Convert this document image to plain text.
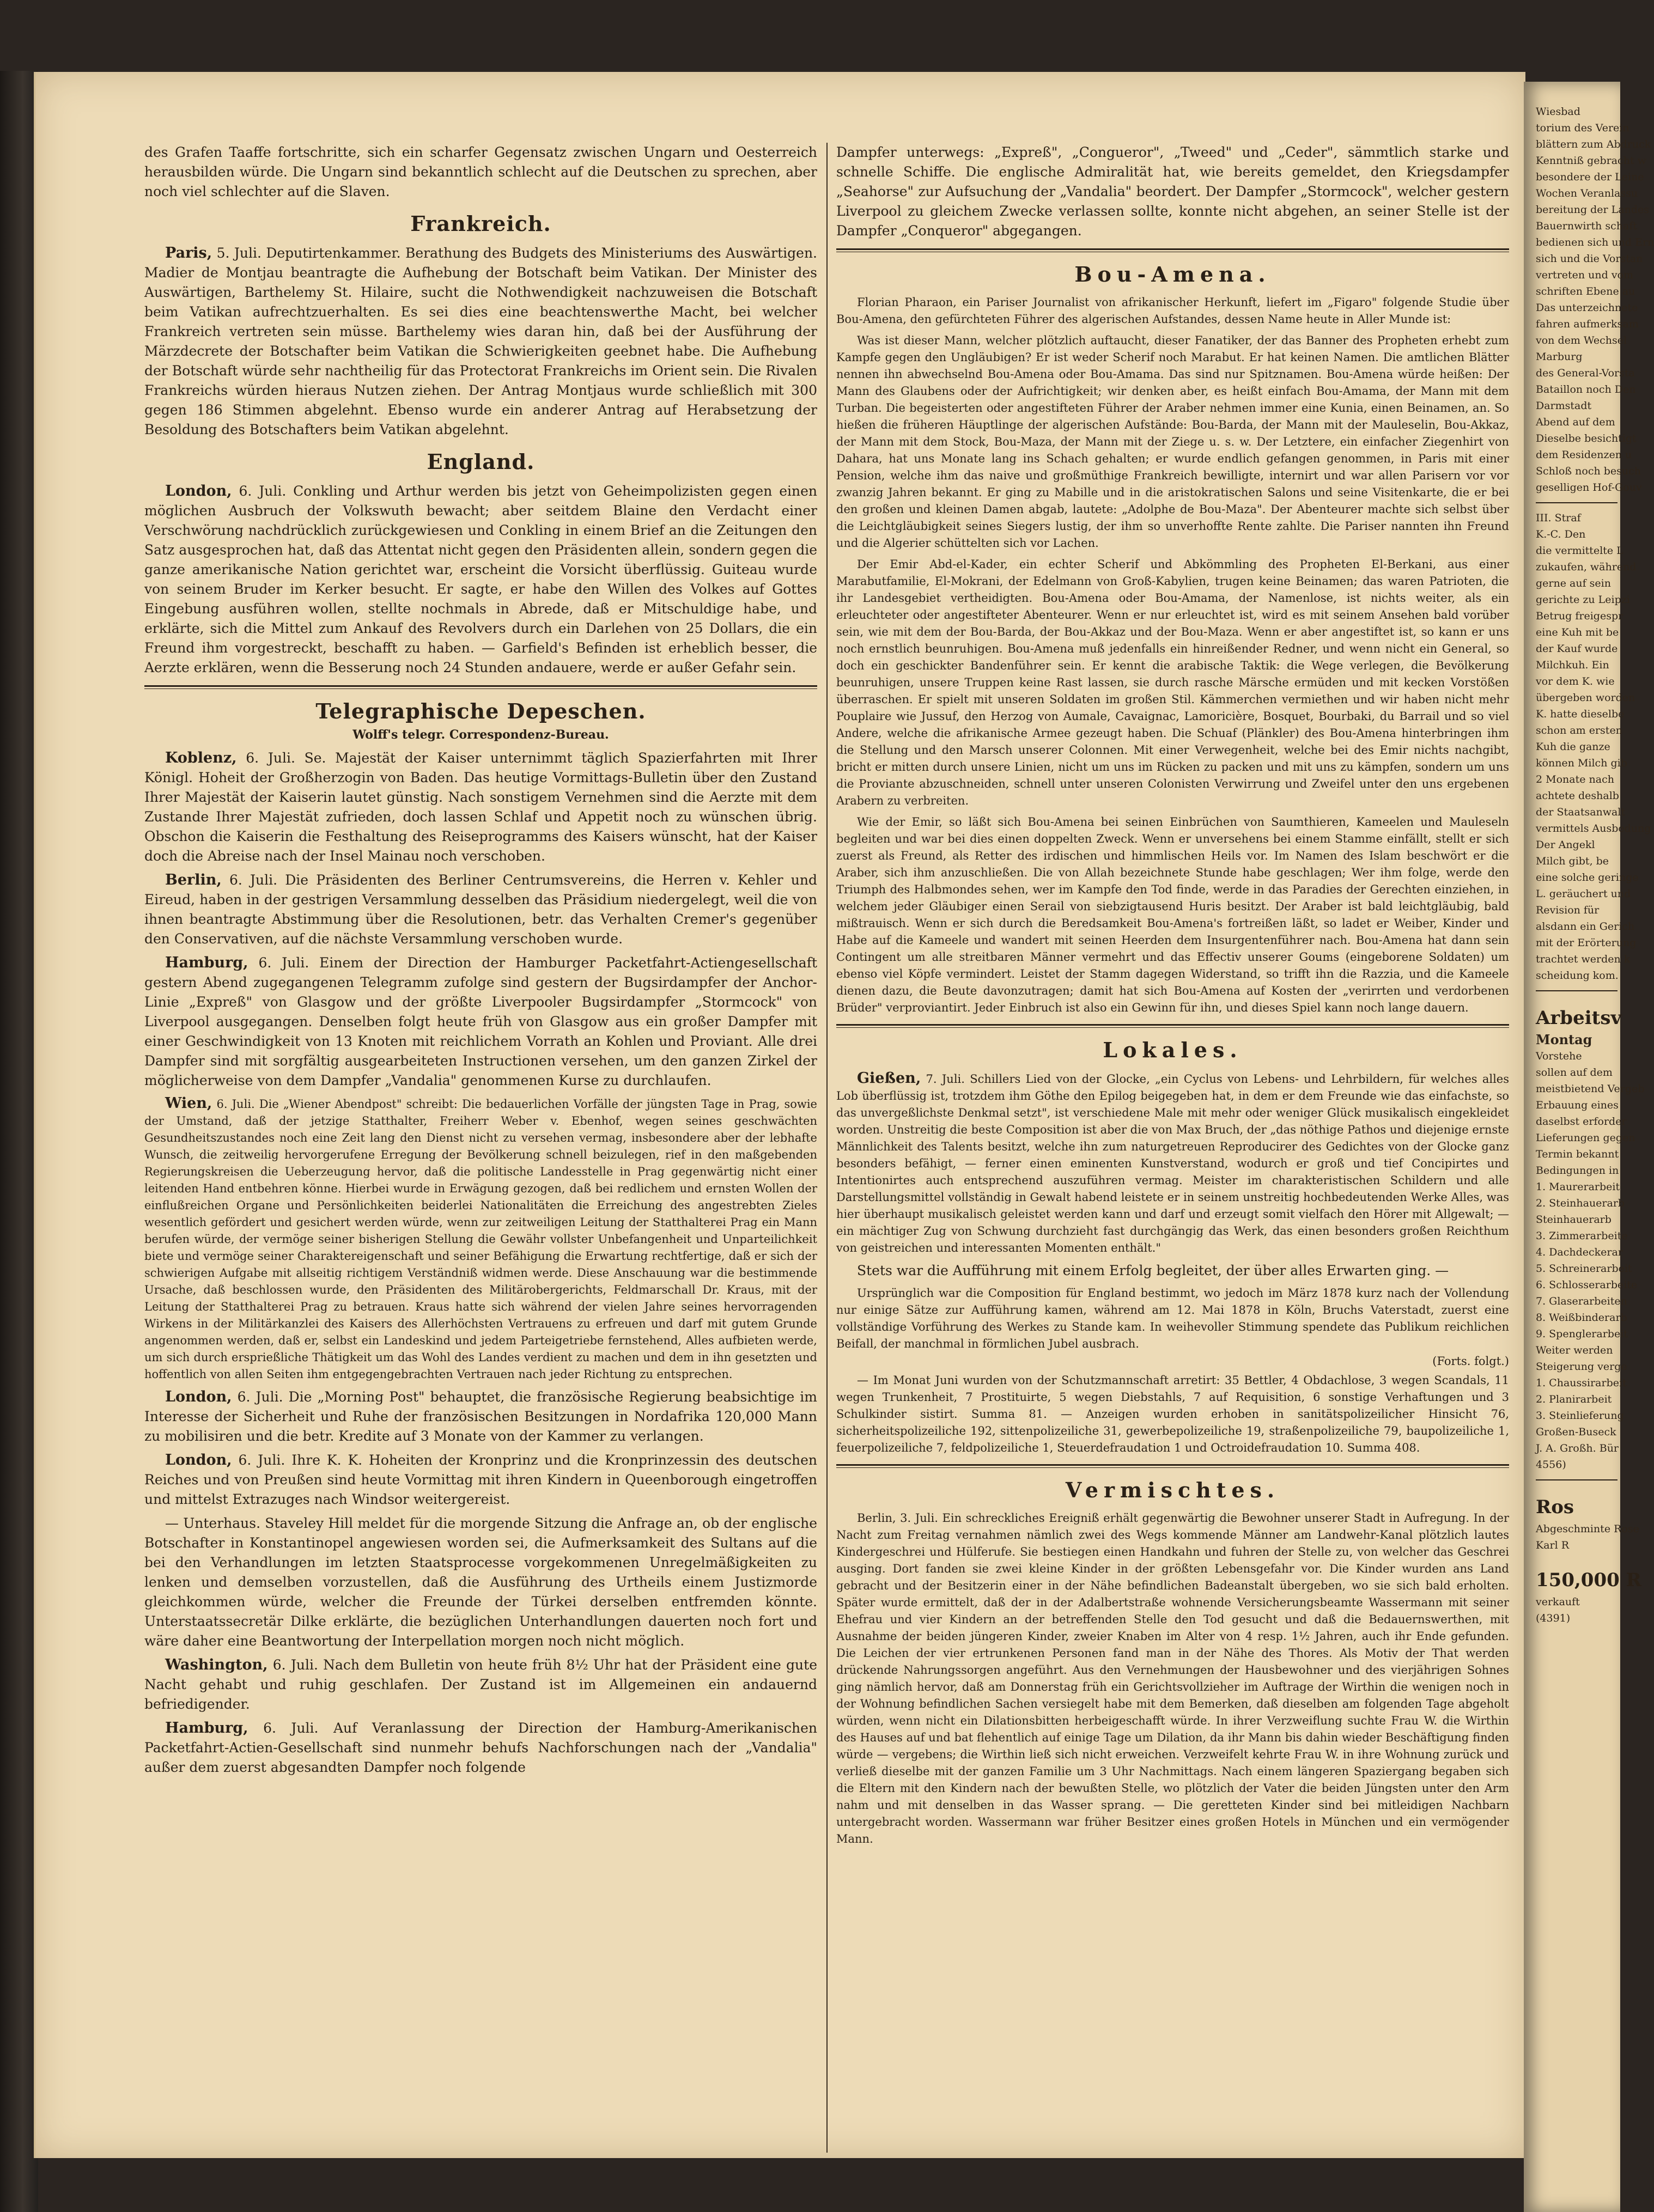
des Grafen Taaffe fortschritte, sich ein scharfer Gegensatz zwischen Ungarn und Oesterreich herausbilden würde. Die Ungarn sind bekanntlich schlecht auf die Deutschen zu sprechen, aber noch viel schlechter auf die Slaven.

Frankreich.

Paris, 5. Juli. Deputirtenkammer. Berathung des Budgets des Ministeriums des Auswärtigen. Madier de Montjau beantragte die Aufhebung der Botschaft beim Vatikan. Der Minister des Auswärtigen, Barthelemy St. Hilaire, sucht die Nothwendigkeit nachzuweisen die Botschaft beim Vatikan aufrechtzuerhalten. Es sei dies eine beachtenswerthe Macht, bei welcher Frankreich vertreten sein müsse. Barthelemy wies daran hin, daß bei der Ausführung der Märzdecrete der Botschafter beim Vatikan die Schwierigkeiten geebnet habe. Die Aufhebung der Botschaft würde sehr nachtheilig für das Protectorat Frankreichs im Orient sein. Die Rivalen Frankreichs würden hieraus Nutzen ziehen. Der Antrag Montjaus wurde schließlich mit 300 gegen 186 Stimmen abgelehnt. Ebenso wurde ein anderer Antrag auf Herabsetzung der Besoldung des Botschafters beim Vatikan abgelehnt.

England.

London, 6. Juli. Conkling und Arthur werden bis jetzt von Geheimpolizisten gegen einen möglichen Ausbruch der Volkswuth bewacht; aber seitdem Blaine den Verdacht einer Verschwörung nachdrücklich zurückgewiesen und Conkling in einem Brief an die Zeitungen den Satz ausgesprochen hat, daß das Attentat nicht gegen den Präsidenten allein, sondern gegen die ganze amerikanische Nation gerichtet war, erscheint die Vorsicht überflüssig. Guiteau wurde von seinem Bruder im Kerker besucht. Er sagte, er habe den Willen des Volkes auf Gottes Eingebung ausführen wollen, stellte nochmals in Abrede, daß er Mitschuldige habe, und erklärte, sich die Mittel zum Ankauf des Revolvers durch ein Darlehen von 25 Dollars, die ein Freund ihm vorgestreckt, beschafft zu haben. — Garfield's Befinden ist erheblich besser, die Aerzte erklären, wenn die Besserung noch 24 Stunden andauere, werde er außer Gefahr sein.

Telegraphische Depeschen.
Wolff's telegr. Correspondenz-Bureau.

Koblenz, 6. Juli. Se. Majestät der Kaiser unternimmt täglich Spazierfahrten mit Ihrer Königl. Hoheit der Großherzogin von Baden. Das heutige Vormittags-Bulletin über den Zustand Ihrer Majestät der Kaiserin lautet günstig. Nach sonstigem Vernehmen sind die Aerzte mit dem Zustande Ihrer Majestät zufrieden, doch lassen Schlaf und Appetit noch zu wünschen übrig. Obschon die Kaiserin die Festhaltung des Reiseprogramms des Kaisers wünscht, hat der Kaiser doch die Abreise nach der Insel Mainau noch verschoben.

Berlin, 6. Juli. Die Präsidenten des Berliner Centrumsvereins, die Herren v. Kehler und Eireud, haben in der gestrigen Versammlung desselben das Präsidium niedergelegt, weil die von ihnen beantragte Abstimmung über die Resolutionen, betr. das Verhalten Cremer's gegenüber den Conservativen, auf die nächste Versammlung verschoben wurde.

Hamburg, 6. Juli. Einem der Direction der Hamburger Packetfahrt-Actiengesellschaft gestern Abend zugegangenen Telegramm zufolge sind gestern der Bugsirdampfer der Anchor-Linie „Expreß" von Glasgow und der größte Liverpooler Bugsirdampfer „Stormcock" von Liverpool ausgegangen. Denselben folgt heute früh von Glasgow aus ein großer Dampfer mit einer Geschwindigkeit von 13 Knoten mit reichlichem Vorrath an Kohlen und Proviant. Alle drei Dampfer sind mit sorgfältig ausgearbeiteten Instructionen versehen, um den ganzen Zirkel der möglicherweise von dem Dampfer „Vandalia" genommenen Kurse zu durchlaufen.

Wien, 6. Juli. Die „Wiener Abendpost" schreibt: Die bedauerlichen Vorfälle der jüngsten Tage in Prag, sowie der Umstand, daß der jetzige Statthalter, Freiherr Weber v. Ebenhof, wegen seines geschwächten Gesundheitszustandes noch eine Zeit lang den Dienst nicht zu versehen vermag, insbesondere aber der lebhafte Wunsch, die zeitweilig hervorgerufene Erregung der Bevölkerung schnell beizulegen, rief in den maßgebenden Regierungskreisen die Ueberzeugung hervor, daß die politische Landesstelle in Prag gegenwärtig nicht einer leitenden Hand entbehren könne. Hierbei wurde in Erwägung gezogen, daß bei redlichem und ernsten Wollen der einflußreichen Organe und Persönlichkeiten beiderlei Nationalitäten die Erreichung des angestrebten Zieles wesentlich gefördert und gesichert werden würde, wenn zur zeitweiligen Leitung der Statthalterei Prag ein Mann berufen würde, der vermöge seiner bisherigen Stellung die Gewähr vollster Unbefangenheit und Unparteilichkeit biete und vermöge seiner Charaktereigenschaft und seiner Befähigung die Erwartung rechtfertige, daß er sich der schwierigen Aufgabe mit allseitig richtigem Verständniß widmen werde. Diese Anschauung war die bestimmende Ursache, daß beschlossen wurde, den Präsidenten des Militärobergerichts, Feldmarschall Dr. Kraus, mit der Leitung der Statthalterei Prag zu betrauen. Kraus hatte sich während der vielen Jahre seines hervorragenden Wirkens in der Militärkanzlei des Kaisers des Allerhöchsten Vertrauens zu erfreuen und darf mit gutem Grunde angenommen werden, daß er, selbst ein Landeskind und jedem Parteigetriebe fernstehend, Alles aufbieten werde, um sich durch ersprießliche Thätigkeit um das Wohl des Landes verdient zu machen und dem in ihn gesetzten und hoffentlich von allen Seiten ihm entgegengebrachten Vertrauen nach jeder Richtung zu entsprechen.

London, 6. Juli. Die „Morning Post" behauptet, die französische Regierung beabsichtige im Interesse der Sicherheit und Ruhe der französischen Besitzungen in Nordafrika 120,000 Mann zu mobilisiren und die betr. Kredite auf 3 Monate von der Kammer zu verlangen.

London, 6. Juli. Ihre K. K. Hoheiten der Kronprinz und die Kronprinzessin des deutschen Reiches und von Preußen sind heute Vormittag mit ihren Kindern in Queenborough eingetroffen und mittelst Extrazuges nach Windsor weitergereist.

— Unterhaus. Staveley Hill meldet für die morgende Sitzung die Anfrage an, ob der englische Botschafter in Konstantinopel angewiesen worden sei, die Aufmerksamkeit des Sultans auf die bei den Verhandlungen im letzten Staatsprocesse vorgekommenen Unregelmäßigkeiten zu lenken und demselben vorzustellen, daß die Ausführung des Urtheils einem Justizmorde gleichkommen würde, welcher die Freunde der Türkei derselben entfremden könnte. Unterstaatssecretär Dilke erklärte, die bezüglichen Unterhandlungen dauerten noch fort und wäre daher eine Beantwortung der Interpellation morgen noch nicht möglich.

Washington, 6. Juli. Nach dem Bulletin von heute früh 8½ Uhr hat der Präsident eine gute Nacht gehabt und ruhig geschlafen. Der Zustand ist im Allgemeinen ein andauernd befriedigender.

Hamburg, 6. Juli. Auf Veranlassung der Direction der Hamburg-Amerikanischen Packetfahrt-Actien-Gesellschaft sind nunmehr behufs Nachforschungen nach der „Vandalia" außer dem zuerst abgesandten Dampfer noch folgende

Dampfer unterwegs: „Expreß", „Congueror", „Tweed" und „Ceder", sämmtlich starke und schnelle Schiffe. Die englische Admiralität hat, wie bereits gemeldet, den Kriegsdampfer „Seahorse" zur Aufsuchung der „Vandalia" beordert. Der Dampfer „Stormcock", welcher gestern Liverpool zu gleichem Zwecke verlassen sollte, konnte nicht abgehen, an seiner Stelle ist der Dampfer „Conqueror" abgegangen.

Bou-Amena.

Florian Pharaon, ein Pariser Journalist von afrikanischer Herkunft, liefert im „Figaro" folgende Studie über Bou-Amena, den gefürchteten Führer des algerischen Aufstandes, dessen Name heute in Aller Munde ist:

Was ist dieser Mann, welcher plötzlich auftaucht, dieser Fanatiker, der das Banner des Propheten erhebt zum Kampfe gegen den Ungläubigen? Er ist weder Scherif noch Marabut. Er hat keinen Namen. Die amtlichen Blätter nennen ihn abwechselnd Bou-Amena oder Bou-Amama. Das sind nur Spitznamen. Bou-Amena würde heißen: Der Mann des Glaubens oder der Aufrichtigkeit; wir denken aber, es heißt einfach Bou-Amama, der Mann mit dem Turban. Die begeisterten oder angestifteten Führer der Araber nehmen immer eine Kunia, einen Beinamen, an. So hießen die früheren Häuptlinge der algerischen Aufstände: Bou-Barda, der Mann mit der Mauleselin, Bou-Akkaz, der Mann mit dem Stock, Bou-Maza, der Mann mit der Ziege u. s. w. Der Letztere, ein einfacher Ziegenhirt von Dahara, hat uns Monate lang ins Schach gehalten; er wurde endlich gefangen genommen, in Paris mit einer Pension, welche ihm das naive und großmüthige Frankreich bewilligte, internirt und war allen Parisern vor vor zwanzig Jahren bekannt. Er ging zu Mabille und in die aristokratischen Salons und seine Visitenkarte, die er bei den großen und kleinen Damen abgab, lautete: „Adolphe de Bou-Maza". Der Abenteurer machte sich selbst über die Leichtgläubigkeit seines Siegers lustig, der ihm so unverhoffte Rente zahlte. Die Pariser nannten ihn Freund und die Algerier schüttelten sich vor Lachen.

Der Emir Abd-el-Kader, ein echter Scherif und Abkömmling des Propheten El-Berkani, aus einer Marabutfamilie, El-Mokrani, der Edelmann von Groß-Kabylien, trugen keine Beinamen; das waren Patrioten, die ihr Landesgebiet vertheidigten. Bou-Amena oder Bou-Amama, der Namenlose, ist nichts weiter, als ein erleuchteter oder angestifteter Abenteurer. Wenn er nur erleuchtet ist, wird es mit seinem Ansehen bald vorüber sein, wie mit dem der Bou-Barda, der Bou-Akkaz und der Bou-Maza. Wenn er aber angestiftet ist, so kann er uns noch ernstlich beunruhigen. Bou-Amena muß jedenfalls ein hinreißender Redner, und wenn nicht ein General, so doch ein geschickter Bandenführer sein. Er kennt die arabische Taktik: die Wege verlegen, die Bevölkerung beunruhigen, unsere Truppen keine Rast lassen, sie durch rasche Märsche ermüden und mit kecken Vorstößen überraschen. Er spielt mit unseren Soldaten im großen Stil. Kämmerchen vermiethen und wir haben nicht mehr Pouplaire wie Jussuf, den Herzog von Aumale, Cavaignac, Lamoricière, Bosquet, Bourbaki, du Barrail und so viel Andere, welche die afrikanische Armee gezeugt haben. Die Schuaf (Plänkler) des Bou-Amena hinterbringen ihm die Stellung und den Marsch unserer Colonnen. Mit einer Verwegenheit, welche bei des Emir nichts nachgibt, bricht er mitten durch unsere Linien, nicht um uns im Rücken zu packen und mit uns zu kämpfen, sondern um uns die Proviante abzuschneiden, schnell unter unseren Colonisten Verwirrung und Zweifel unter den uns ergebenen Arabern zu verbreiten.

Wie der Emir, so läßt sich Bou-Amena bei seinen Einbrüchen von Saumthieren, Kameelen und Mauleseln begleiten und war bei dies einen doppelten Zweck. Wenn er unversehens bei einem Stamme einfällt, stellt er sich zuerst als Freund, als Retter des irdischen und himmlischen Heils vor. Im Namen des Islam beschwört er die Araber, sich ihm anzuschließen. Die von Allah bezeichnete Stunde habe geschlagen; Wer ihm folge, werde den Triumph des Halbmondes sehen, wer im Kampfe den Tod finde, werde in das Paradies der Gerechten einziehen, in welchem jeder Gläubiger einen Serail von siebzigtausend Huris besitzt. Der Araber ist bald leichtgläubig, bald mißtrauisch. Wenn er sich durch die Beredsamkeit Bou-Amena's fortreißen läßt, so ladet er Weiber, Kinder und Habe auf die Kameele und wandert mit seinen Heerden dem Insurgentenführer nach. Bou-Amena hat dann sein Contingent um alle streitbaren Männer vermehrt und das Effectiv unserer Goums (eingeborene Soldaten) um ebenso viel Köpfe vermindert. Leistet der Stamm dagegen Widerstand, so trifft ihn die Razzia, und die Kameele dienen dazu, die Beute davonzutragen; damit hat sich Bou-Amena auf Kosten der „verirrten und verdorbenen Brüder" verproviantirt. Jeder Einbruch ist also ein Gewinn für ihn, und dieses Spiel kann noch lange dauern.

Lokales.

Gießen, 7. Juli. Schillers Lied von der Glocke, „ein Cyclus von Lebens- und Lehrbildern, für welches alles Lob überflüssig ist, trotzdem ihm Göthe den Epilog beigegeben hat, in dem er dem Freunde wie das einfachste, so das unvergeßlichste Denkmal setzt", ist verschiedene Male mit mehr oder weniger Glück musikalisch eingekleidet worden. Unstreitig die beste Composition ist aber die von Max Bruch, der „das nöthige Pathos und diejenige ernste Männlichkeit des Talents besitzt, welche ihn zum naturgetreuen Reproducirer des Gedichtes von der Glocke ganz besonders befähigt, — ferner einen eminenten Kunstverstand, wodurch er groß und tief Concipirtes und Intentionirtes auch entsprechend auszuführen vermag. Meister im charakteristischen Schildern und alle Darstellungsmittel vollständig in Gewalt habend leistete er in seinem unstreitig hochbedeutenden Werke Alles, was hier überhaupt musikalisch geleistet werden kann und darf und erzeugt somit vielfach den Hörer mit Allgewalt; — ein mächtiger Zug von Schwung durchzieht fast durchgängig das Werk, das einen besonders großen Reichthum von geistreichen und interessanten Momenten enthält."

Stets war die Aufführung mit einem Erfolg begleitet, der über alles Erwarten ging. —

Ursprünglich war die Composition für England bestimmt, wo jedoch im März 1878 kurz nach der Vollendung nur einige Sätze zur Aufführung kamen, während am 12. Mai 1878 in Köln, Bruchs Vaterstadt, zuerst eine vollständige Vorführung des Werkes zu Stande kam. In weihevoller Stimmung spendete das Publikum reichlichen Beifall, der manchmal in förmlichen Jubel ausbrach.

(Forts. folgt.)

— Im Monat Juni wurden von der Schutzmannschaft arretirt: 35 Bettler, 4 Obdachlose, 3 wegen Scandals, 11 wegen Trunkenheit, 7 Prostituirte, 5 wegen Diebstahls, 7 auf Requisition, 6 sonstige Verhaftungen und 3 Schulkinder sistirt. Summa 81. — Anzeigen wurden erhoben in sanitätspolizeilicher Hinsicht 76, sicherheitspolizeiliche 192, sittenpolizeiliche 31, gewerbepolizeiliche 19, straßenpolizeiliche 79, baupolizeiliche 1, feuerpolizeiliche 7, feldpolizeiliche 1, Steuerdefraudation 1 und Octroidefraudation 10. Summa 408.

Vermischtes.

Berlin, 3. Juli. Ein schreckliches Ereigniß erhält gegenwärtig die Bewohner unserer Stadt in Aufregung. In der Nacht zum Freitag vernahmen nämlich zwei des Wegs kommende Männer am Landwehr-Kanal plötzlich lautes Kindergeschrei und Hülferufe. Sie bestiegen einen Handkahn und fuhren der Stelle zu, von welcher das Geschrei ausging. Dort fanden sie zwei kleine Kinder in der größten Lebensgefahr vor. Die Kinder wurden ans Land gebracht und der Besitzerin einer in der Nähe befindlichen Badeanstalt übergeben, wo sie sich bald erholten. Später wurde ermittelt, daß der in der Adalbertstraße wohnende Versicherungsbeamte Wassermann mit seiner Ehefrau und vier Kindern an der betreffenden Stelle den Tod gesucht und daß die Bedauernswerthen, mit Ausnahme der beiden jüngeren Kinder, zweier Knaben im Alter von 4 resp. 1½ Jahren, auch ihr Ende gefunden. Die Leichen der vier ertrunkenen Personen fand man in der Nähe des Thores. Als Motiv der That werden drückende Nahrungssorgen angeführt. Aus den Vernehmungen der Hausbewohner und des vierjährigen Sohnes ging nämlich hervor, daß am Donnerstag früh ein Gerichtsvollzieher im Auftrage der Wirthin die wenigen noch in der Wohnung befindlichen Sachen versiegelt habe mit dem Bemerken, daß dieselben am folgenden Tage abgeholt würden, wenn nicht ein Dilationsbitten herbeigeschafft würde. In ihrer Verzweiflung suchte Frau W. die Wirthin des Hauses auf und bat flehentlich auf einige Tage um Dilation, da ihr Mann bis dahin wieder Beschäftigung finden würde — vergebens; die Wirthin ließ sich nicht erweichen. Verzweifelt kehrte Frau W. in ihre Wohnung zurück und verließ dieselbe mit der ganzen Familie um 3 Uhr Nachmittags. Nach einem längeren Spaziergang begaben sich die Eltern mit den Kindern nach der bewußten Stelle, wo plötzlich der Vater die beiden Jüngsten unter den Arm nahm und mit denselben in das Wasser sprang. — Die geretteten Kinder sind bei mitleidigen Nachbarn untergebracht worden. Wassermann war früher Besitzer eines großen Hotels in München und ein vermögender Mann.

Wiesbad
torium des Verein
blättern zum Abdruck
Kenntniß gebracht w
besondere der Leine
Wochen Veranlassu
bereitung der Landes
Bauernwirth schaft
bedienen sich und Ern
sich und die Vorstan
vertreten und vom
schriften Ebene au
Das unterzeichnete
fahren aufmerksam
von dem Wechsel
Marburg
des General-Vorsta
Bataillon noch Den
Darmstadt
Abend auf dem
Dieselbe besichtigt
dem Residenzen u
Schloß noch besuch
geselligen Hof-Gouv
III. Straf
K.-C. Den
die vermittelte L
zukaufen, während
gerne auf sein
gerichte zu Leipzi
Betrug freigespr
eine Kuh mit be
der Kauf wurde
Milchkuh. Ein
vor dem K. wie
übergeben worden
K. hatte dieselbe
schon am ersten
Kuh die ganze
können Milch gib
2 Monate nach
achtete deshalb
der Staatsanwalt
vermittels Ausbedung
Der Angekl
Milch gibt, be
eine solche geringe
L. geräuchert und
Revision für
alsdann ein Gerich
mit der Erörterung
trachtet werden k
scheidung kom.
Arbeitsv
Montag
Vorstehe
sollen auf dem
meistbietend Vergeb
Erbauung eines
daselbst erforder
Lieferungen gegen
Termin bekannt
Bedingungen in
1. Maurerarbeit
2. Steinhauerarb
Steinhauerarb
3. Zimmerarbeite
4. Dachdeckerar
5. Schreinerarbeit
6. Schlosserarbeite
7. Glaserarbeiten
8. Weißbinderarb
9. Spenglerarbeit
Weiter werden
Steigerung verge
1. Chaussirarbeit
2. Planirarbeit
3. Steinlieferung
Großen-Buseck
J. A. Großh. Bür
4556)
Ros
Abgeschminte Rose
Karl R
150,000 R
verkauft
(4391)
